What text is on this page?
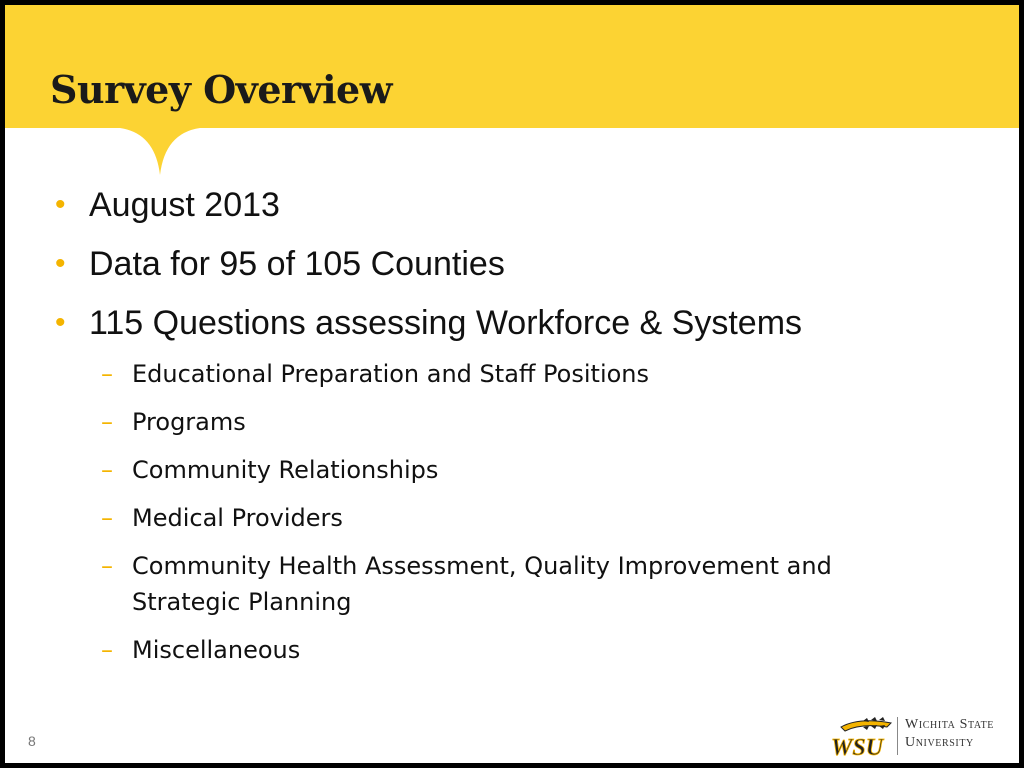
Survey Overview
• August 2013
• Data for 95 of 105 Counties
• 115 Questions assessing Workforce & Systems
– Educational Preparation and Staff Positions
– Programs
– Community Relationships
– Medical Providers
– Community Health Assessment, Quality Improvement and Strategic Planning
– Miscellaneous
8	WSU
Wichita State
University
